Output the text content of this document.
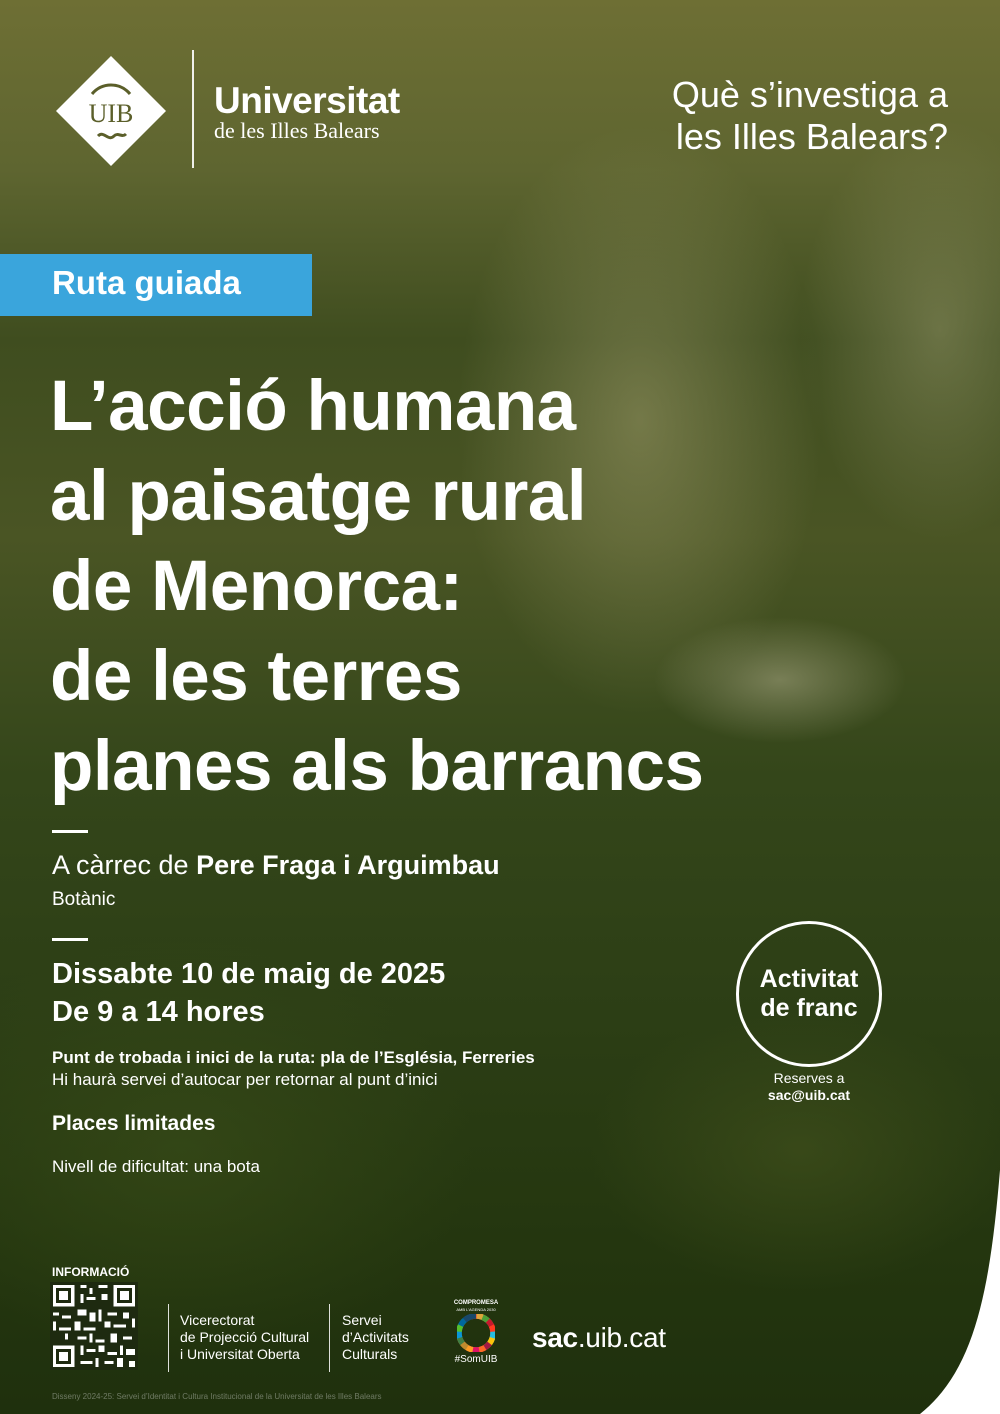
UIB Universitat
de les Illes Balears
Què s’investiga a
les Illes Balears?
Ruta guiada
L’acció humana
al paisatge rural
de Menorca:
de les terres
planes als barrancs
A càrrec de Pere Fraga i Arguimbau
Botànic
Dissabte 10 de maig de 2025
De 9 a 14 hores
Punt de trobada i inici de la ruta: pla de l’Església, Ferreries
Hi haurà servei d’autocar per retornar al punt d’inici
Places limitades
Nivell de dificultat: una bota
Activitat
de franc
Reserves a
sac@uib.cat
INFORMACIÓ
Vicerectorat
de Projecció Cultural
i Universitat Oberta
Servei
d’Activitats
Culturals
COMPROMESA
AMB L’AGENDA 2030
#SomUIB
sac.uib.cat
Disseny 2024-25: Servei d’Identitat i Cultura Institucional de la Universitat de les Illes Balears
